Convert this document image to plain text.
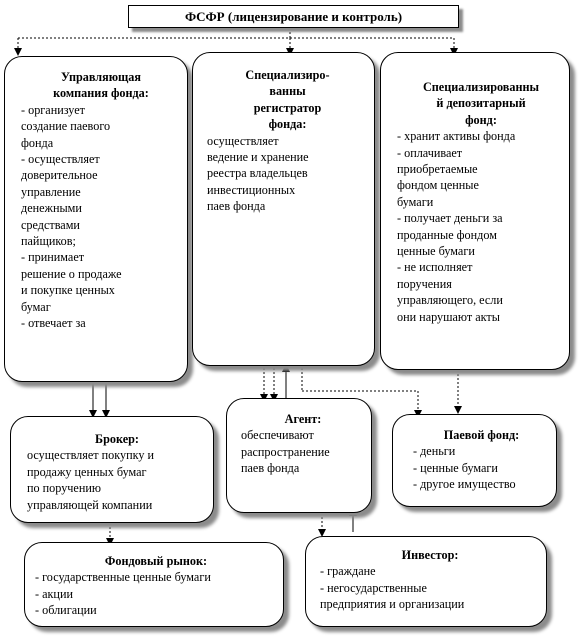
ФСФР (лицензирование и контроль)
Управляющая
компания фонда:
- организует
создание паевого
фонда
- осуществляет
доверительное
управление
денежными
средствами
пайщиков;
- принимает
решение о продаже
и покупке ценных
бумаг
- отвечает за
Специализиро-
ванны
регистратор
фонда:
осуществляет
ведение и хранение
реестра владельцев
инвестиционных
паев фонда
Специализированны
й депозитарный
фонд:
- хранит активы фонда
- оплачивает
приобретаемые
фондом ценные
бумаги
- получает деньги за
проданные фондом
ценные бумаги
- не исполняет
поручения
управляющего, если
они нарушают акты
Брокер:
осуществляет покупку и
продажу ценных бумаг
по поручению
управляющей компании
Агент:
обеспечивают
распространение
паев фонда
Паевой фонд:
- деньги
- ценные бумаги
- другое имущество
Фондовый рынок:
- государственные ценные бумаги
- акции
- облигации
Инвестор:
- граждане
- негосударственные
предприятия и организации
